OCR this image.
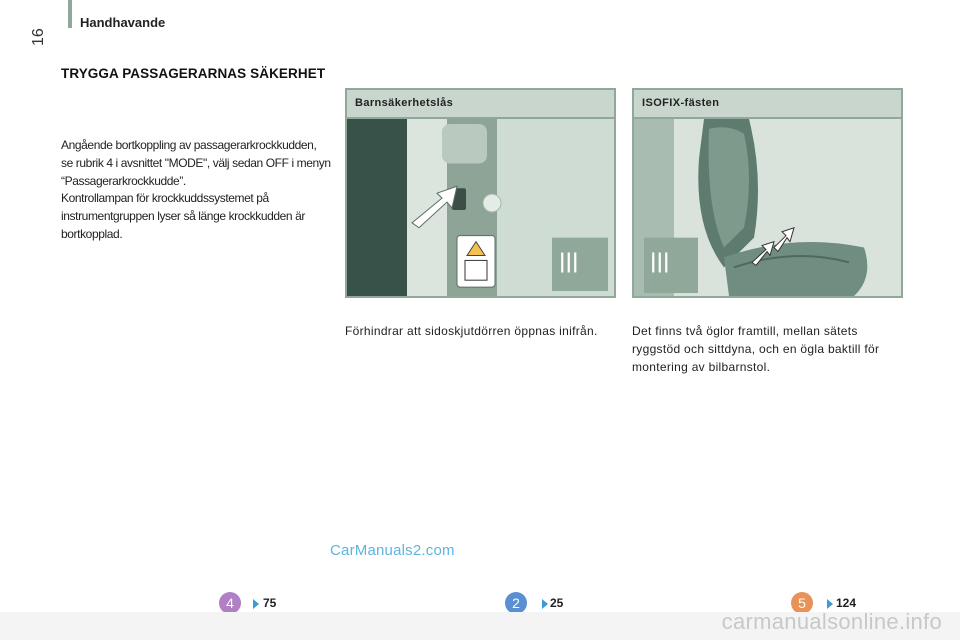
Handhavande
16
TRYGGA PASSAGERARNAS SÄKERHET
Angående bortkoppling av passagerarkrockkudden, se rubrik 4 i avsnittet "MODE", välj sedan OFF i menyn “Passagerarkrockkudde”.
Kontrollampan för krockkuddssystemet på instrumentgruppen lyser så länge krockkudden är bortkopplad.
Barnsäkerhetslås
ꟾꟾꟾ
ISOFIX-fästen
ꟾꟾꟾ
Förhindrar att sidoskjutdörren öppnas inifrån.	Det finns två öglor framtill, mellan sätets ryggstöd och sittdyna, och en ögla baktill för montering av bilbarnstol.
CarManuals2.com
4	75	2	25	5	124
carmanualsonline.info
